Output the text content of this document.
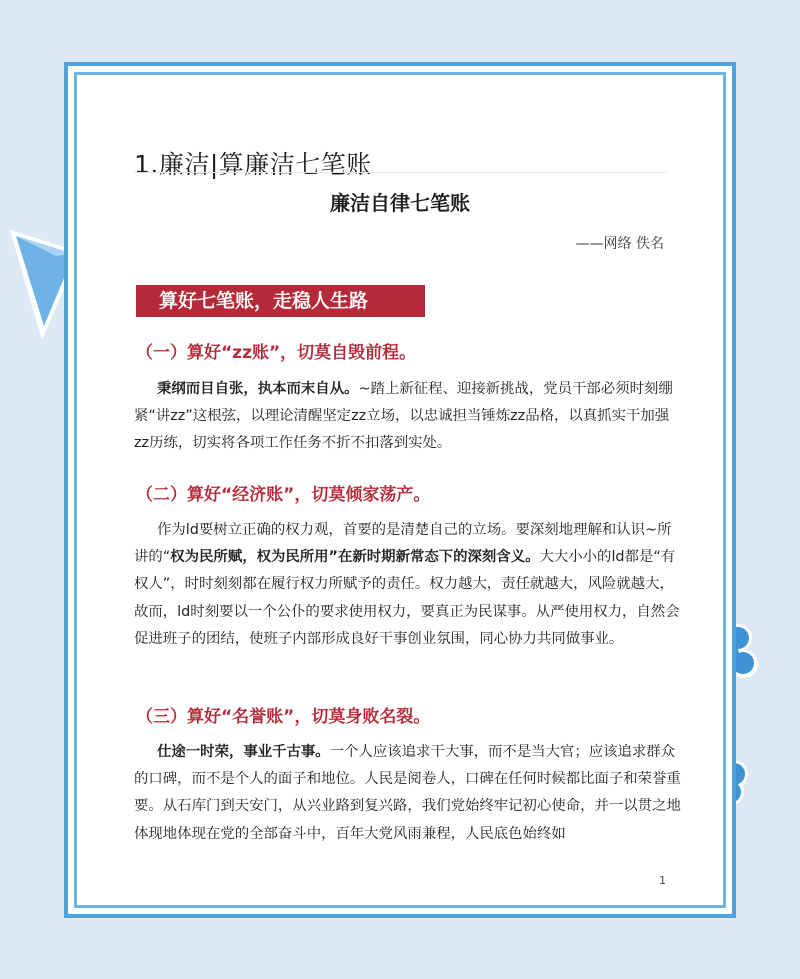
1.廉洁|算廉洁七笔账
廉洁自律七笔账
——网络 佚名
算好七笔账，走稳人生路
（一）算好“zz账”，切莫自毁前程。
秉纲而目自张，执本而末自从。~踏上新征程、迎接新挑战，党员干部必须时刻绷紧“讲zz”这根弦，以理论清醒坚定zz立场，以忠诚担当锤炼zz品格，以真抓实干加强zz历练，切实将各项工作任务不折不扣落到实处。
（二）算好“经济账”，切莫倾家荡产。
作为ld要树立正确的权力观，首要的是清楚自己的立场。要深刻地理解和认识~所讲的“权为民所赋，权为民所用”在新时期新常态下的深刻含义。大大小小的ld都是“有权人”，时时刻刻都在履行权力所赋予的责任。权力越大，责任就越大，风险就越大，故而，ld时刻要以一个公仆的要求使用权力，要真正为民谋事。从严使用权力，自然会促进班子的团结，使班子内部形成良好干事创业氛围，同心协力共同做事业。
（三）算好“名誉账”，切莫身败名裂。
仕途一时荣，事业千古事。一个人应该追求干大事，而不是当大官；应该追求群众的口碑，而不是个人的面子和地位。人民是阅卷人，口碑在任何时候都比面子和荣誉重要。从石库门到天安门，从兴业路到复兴路，我们党始终牢记初心使命，并一以贯之地体现地体现在党的全部奋斗中，百年大党风雨兼程，人民底色始终如
1
